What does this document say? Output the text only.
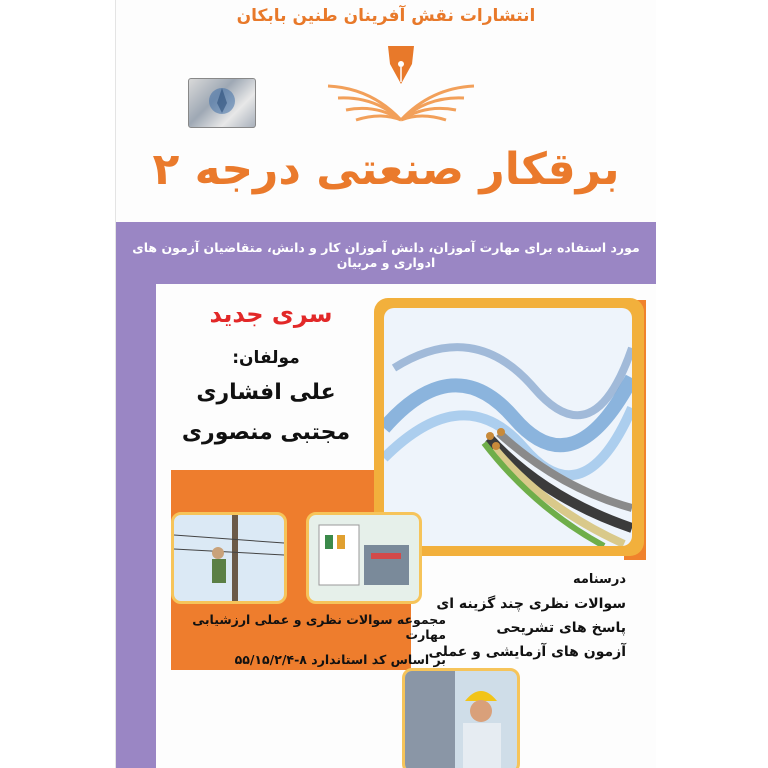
انتشارات نقش آفرینان طنین بابکان
برقکار صنعتی درجه ۲
مورد استفاده برای مهارت آموزان، دانش آموزان کار و دانش، متقاضیان آزمون های ادواری و مربیان
سری جدید
مولفان:
علی افشاری
مجتبی منصوری
مجموعه سوالات نظری و عملی ارزشیابی مهارت
بر اساس کد استاندارد ۸-۵۵/۱۵/۲/۴
درسنامه
سوالات نظری چند گزینه ای
پاسخ های تشریحی
آزمون های آزمایشی و عملی
